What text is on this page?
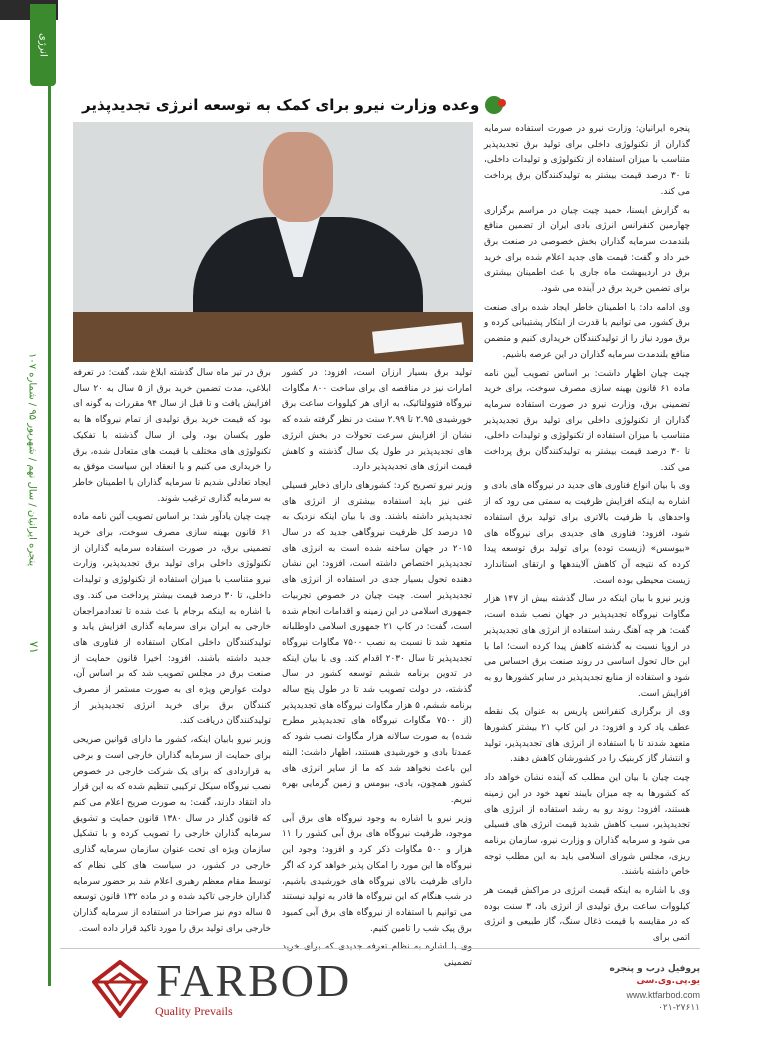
انرژی
پنجره ایرانیان / سال نهم / شهریور ۹۵ / شماره ۱۰۷
۷۱
وعده وزارت نیرو برای کمک به توسعه انرژی تجدیدپذیر

پنجره ایرانیان: وزارت نیرو در صورت استفاده سرمایه گذاران از تکنولوژی داخلی برای تولید برق تجدیدپذیر متناسب با میزان استفاده از تکنولوژی و تولیدات داخلی، تا ۳۰ درصد قیمت بیشتر به تولیدکنندگان برق پرداخت می کند.

به گزارش ایسنا، حمید چیت چیان در مراسم برگزاری چهارمین کنفرانس انرژی بادی ایران از تضمین منافع بلندمدت سرمایه گذاران بخش خصوصی در صنعت برق خبر داد و گفت: قیمت های جدید اعلام شده برای خرید برق در اردیبهشت ماه جاری با عث اطمینان بیشتری برای تضمین خرید برق در آینده می شود.

وی ادامه داد: با اطمینان خاطر ایجاد شده برای صنعت برق کشور، می توانیم با قدرت از ابتکار پشتیبانی کرده و برق مورد نیاز را از تولیدکنندگان خریداری کنیم و متضمن منافع بلندمدت سرمایه گذاران در این عرصه باشیم.

چیت چیان اظهار داشت: بر اساس تصویب آیین نامه ماده ۶۱ قانون بهینه سازی مصرف سوخت، برای خرید تضمینی برق، وزارت نیرو در صورت استفاده سرمایه گذاران از تکنولوژی داخلی برای تولید برق تجدیدپذیر متناسب با میزان استفاده از تکنولوژی و تولیدات داخلی، تا ۳۰ درصد قیمت بیشتر به تولیدکنندگان برق پرداخت می کند.

وی با بیان انواع فناوری های جدید در نیروگاه های بادی و اشاره به اینکه افزایش ظرفیت به سمتی می رود که از واحدهای با ظرفیت بالاتری برای تولید برق استفاده شود، افزود: فناوری های جدیدی برای نیروگاه های «بیوسس» (زیست توده) برای تولید برق توسعه پیدا کرده که نتیجه آن کاهش آلایندهها و ارتقای استاندارد زیست محیطی بوده است.

وزیر نیرو با بیان اینکه در سال گذشته بیش از ۱۴۷ هزار مگاوات نیروگاه تجدیدپذیر در جهان نصب شده است، گفت: هر چه آهنگ رشد استفاده از انرژی های تجدیدپذیر در اروپا نسبت به گذشته کاهش پیدا کرده است؛ اما با این حال تحول اساسی در روند صنعت برق احساس می شود و استفاده از منابع تجدیدپذیر در سایر کشورها رو به افزایش است.

وی از برگزاری کنفرانس پاریس به عنوان یک نقطه عطف یاد کرد و افزود: در این کاپ ۲۱ بیشتر کشورها متعهد شدند تا با استفاده از انرژی های تجدیدپذیر، تولید و انتشار گاز کربنیک را در کشورشان کاهش دهند.

چیت چیان با بیان این مطلب که آینده نشان خواهد داد که کشورها به چه میزان بایبند تعهد خود در این زمینه هستند، افزود: روند رو به رشد استفاده از انرژی های تجدیدپذیر، سبب کاهش شدید قیمت انرژی های فسیلی می شود و سرمایه گذاران و وزارت نیرو، سازمان برنامه ریزی، مجلس شورای اسلامی باید به این مطلب توجه خاص داشته باشند.

وی با اشاره به اینکه قیمت انرژی در مراکش قیمت هر کیلووات ساعت برق تولیدی از انرژی باد، ۳ سنت بوده که در مقایسه با قیمت ذغال سنگ، گاز طبیعی و انرژی اتمی برای

تولید برق بسیار ارزان است، افزود: در کشور امارات نیز در مناقصه ای برای ساخت ۸۰۰ مگاوات نیروگاه فتوولتائیک، به ازای هر کیلووات ساعت برق خورشیدی ۲.۹۵ تا ۲.۹۹ سنت در نظر گرفته شده که نشان از افزایش سرعت تحولات در بخش انرژی های تجدیدپذیر در طول یک سال گذشته و کاهش قیمت انرژی های تجدیدپذیر دارد.

وزیر نیرو تصریح کرد: کشورهای دارای ذخایر فسیلی غنی نیز باید استفاده بیشتری از انرژی های تجدیدپذیر داشته باشند. وی با بیان اینکه نزدیک به ۱۵ درصد کل ظرفیت نیروگاهی جدید که در سال ۲۰۱۵ در جهان ساخته شده است به انرژی های تجدیدپذیر اختصاص داشته است، افزود: این نشان دهنده تحول بسیار جدی در استفاده از انرژی های تجدیدپذیر است. چیت چیان در خصوص تجربیات جمهوری اسلامی در این زمینه و اقدامات انجام شده است، گفت: در کاپ ۲۱ جمهوری اسلامی داوطلبانه متعهد شد تا نسبت به نصب ۷۵۰۰ مگاوات نیروگاه تجدیدپذیر تا سال ۲۰۳۰ اقدام کند. وی با بیان اینکه در تدوین برنامه ششم توسعه کشور در سال گذشته، در دولت تصویب شد تا در طول پنج ساله برنامه ششم، ۵ هزار مگاوات نیروگاه های تجدیدپذیر (از ۷۵۰۰ مگاوات نیروگاه های تجدیدپذیر مطرح شده) به صورت سالانه هزار مگاوات نصب شود که عمدتا بادی و خورشیدی هستند، اظهار داشت: البته این باعث نخواهد شد که ما از سایر انرژی های کشور همچون، بادی، بیومس و زمین گرمایی بهره نبریم.

وزیر نیرو با اشاره به وجود نیروگاه های برق آبی موجود، ظرفیت نیروگاه های برق آبی کشور را ۱۱ هزار و ۵۰۰ مگاوات ذکر کرد و افزود: وجود این نیروگاه ها این مورد را امکان پذیر خواهد کرد که اگر دارای ظرفیت بالای نیروگاه های خورشیدی باشیم، در شب هنگام که این نیروگاه ها قادر به تولید نیستند می توانیم با استفاده از نیروگاه های برق آبی کمبود برق پیک شب را تامین کنیم.

تضمینی

برق در تیر ماه سال گذشته ابلاغ شد، گفت: در تعرفه ابلاغی، مدت تضمین خرید برق از ۵ سال به ۲۰ سال افزایش یافت و تا قبل از سال ۹۴ مقررات به گونه ای بود که قیمت خرید برق تولیدی از تمام نیروگاه ها به طور یکسان بود، ولی از سال گذشته با تفکیک تکنولوژی های مختلف با قیمت های متعادل شده، برق را خریداری می کنیم و با انعقاد این سیاست موفق به ایجاد تعادلی شدیم تا سرمایه گذاران با اطمینان خاطر به سرمایه گذاری ترغیب شوند.

چیت چیان یادآور شد: بر اساس تصویب آئین نامه ماده ۶۱ قانون بهینه سازی مصرف سوخت، برای خرید تضمینی برق، در صورت استفاده سرمایه گذاران از تکنولوژی داخلی برای تولید برق تجدیدپذیر، وزارت نیرو متناسب با میزان استفاده از تکنولوژی و تولیدات داخلی، تا ۳۰ درصد قیمت بیشتر پرداخت می کند. وی با اشاره به اینکه برجام با عث شده تا تعدادمراجعان خارجی به ایران برای سرمایه گذاری افزایش یابد و تولیدکنندگان داخلی امکان استفاده از فناوری های جدید داشته باشند، افزود: اخیرا قانون حمایت از صنعت برق در مجلس تصویب شد که بر اساس آن، دولت عوارض ویژه ای به صورت مستمر از مصرف کنندگان برق برای خرید انرژی تجدیدپذیر از تولیدکنندگان دریافت کند.

وزیر نیرو بابیان اینکه، کشور ما دارای قوانین صریحی برای حمایت از سرمایه گذاران خارجی است و برخی به قراردادی که برای یک شرکت خارجی در خصوص نصب نیروگاه سیکل ترکیبی تنظیم شده که به این قرار داد انتقاد دارند، گفت: به صورت صریح اعلام می کنم که قانون گذار در سال ۱۳۸۰ قانون حمایت و تشویق سرمایه گذاران خارجی را تصویب کرده و با تشکیل سازمان ویژه ای تحت عنوان سازمان سرمایه گذاری خارجی در کشور، در سیاست های کلی نظام که توسط مقام معظم رهبری اعلام شد بر حضور سرمایه گذاران خارجی تاکید شده و در ماده ۱۳۲ قانون توسعه ۵ ساله دوم نیز صراحتا در استفاده از سرمایه گذاران خارجی برای تولید برق را مورد تاکید قرار داده است.

FARBOD
Quality Prevails
پروفیل درب و پنجره
یو.پی.وی.سی
www.ktfarbod.com
۰۲۱-۲۷۶۱۱
